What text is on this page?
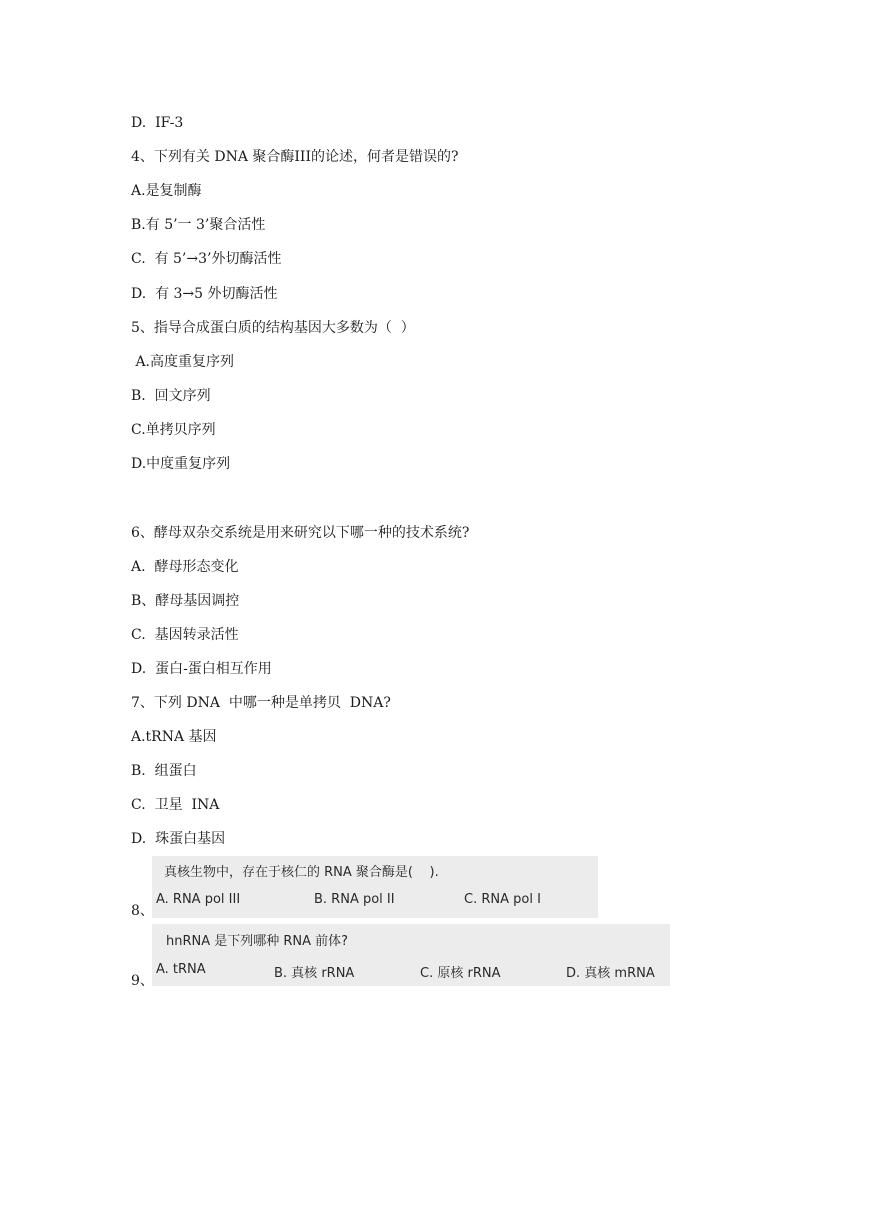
D.  IF-3
4、下列有关 DNA 聚合酶III的论述，何者是错误的?
A.是复制酶
B.有 5’一 3’聚合活性
C.  有 5’→3’外切酶活性
D.  有 3→5 外切酶活性
5、指导合成蛋白质的结构基因大多数为（  ）
A.高度重复序列
B.  回文序列
C.单拷贝序列
D.中度重复序列
6、酵母双杂交系统是用来研究以下哪一种的技术系统?
A.  酵母形态变化
B、酵母基因调控
C.  基因转录活性
D.  蛋白-蛋白相互作用
7、下列 DNA  中哪一种是单拷贝  DNA?
A.tRNA 基因
B.  组蛋白
C.  卫星  INA
D.  珠蛋白基因
真核生物中，存在于核仁的 RNA 聚合酶是(    ).
A. RNA pol III	B. RNA pol II	C. RNA pol I
8、
hnRNA 是下列哪种 RNA 前体?
A. tRNA	B. 真核 rRNA	C. 原核 rRNA	D. 真核 mRNA
9、
